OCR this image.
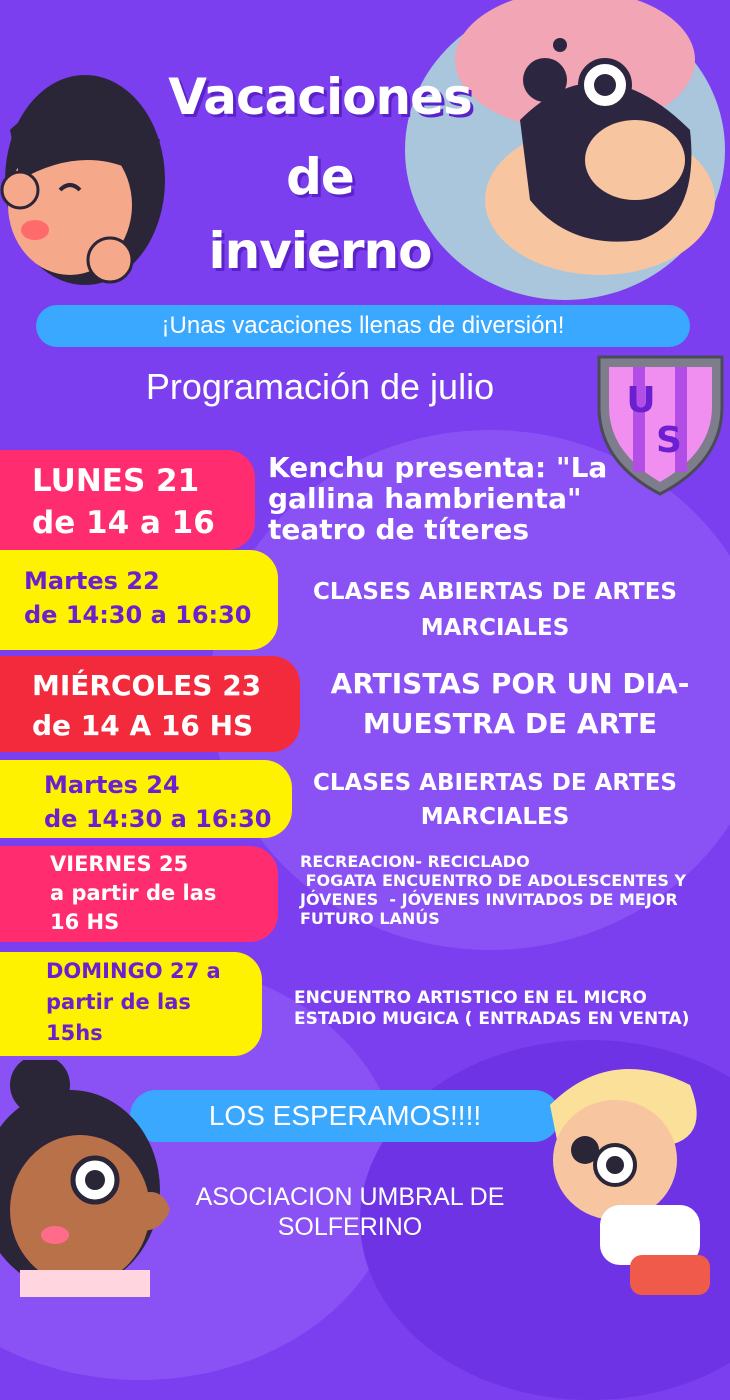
Vacaciones
de
invierno
¡Unas vacaciones llenas de diversión!
Programación de julio	U
S
LUNES 21
de 14 a 16
Kenchu presenta: "La
gallina hambrienta"
teatro de títeres
Martes 22
de 14:30 a 16:30
CLASES ABIERTAS DE ARTES
MARCIALES
MIÉRCOLES 23
de 14 A 16 HS
ARTISTAS POR UN DIA-
MUESTRA DE ARTE
Martes 24
de 14:30 a 16:30
CLASES ABIERTAS DE ARTES
MARCIALES
VIERNES 25
a partir de las
16 HS
RECREACION- RECICLADO
FOGATA ENCUENTRO DE ADOLESCENTES Y
JÓVENES  - JÓVENES INVITADOS DE MEJOR
FUTURO LANÚS
DOMINGO 27 a
partir de las
15hs
ENCUENTRO ARTISTICO EN EL MICRO
ESTADIO MUGICA ( ENTRADAS EN VENTA)
LOS ESPERAMOS!!!!
ASOCIACION UMBRAL DE
SOLFERINO
